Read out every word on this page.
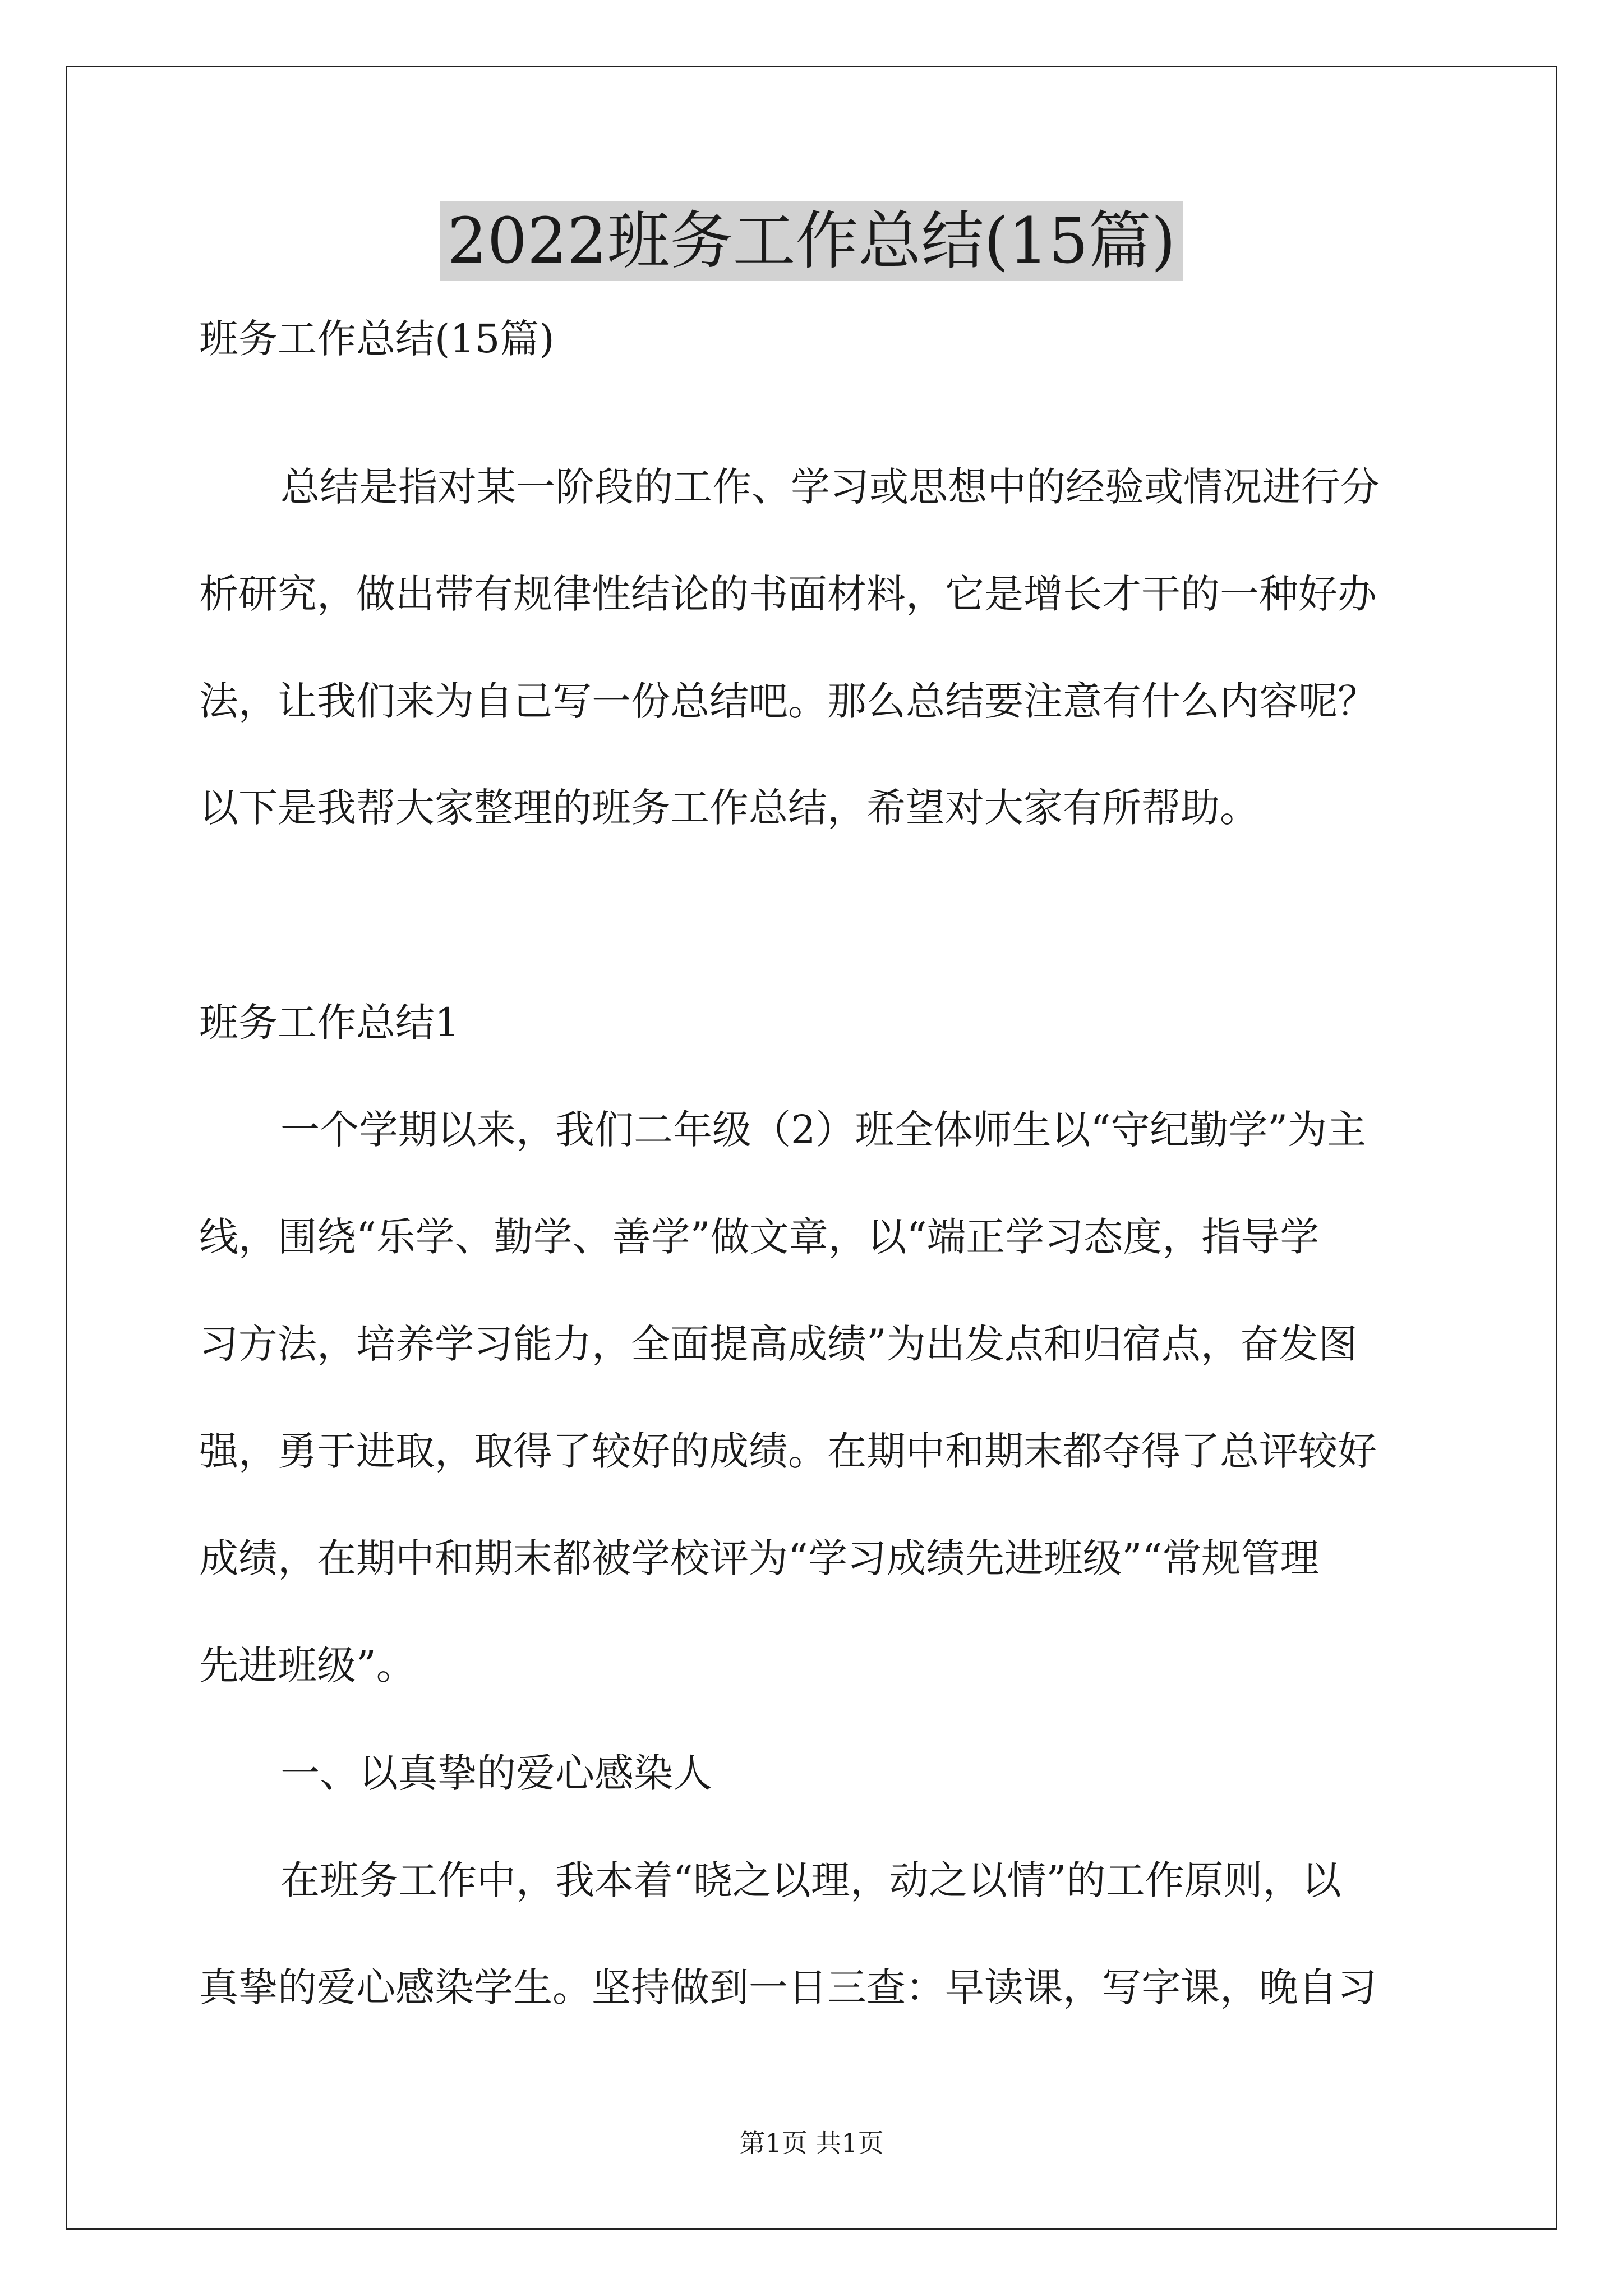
2022班务工作总结(15篇)
班务工作总结(15篇)
总结是指对某一阶段的工作、学习或思想中的经验或情况进行分
析研究，做出带有规律性结论的书面材料，它是增长才干的一种好办
法，让我们来为自己写一份总结吧。那么总结要注意有什么内容呢？
以下是我帮大家整理的班务工作总结，希望对大家有所帮助。
班务工作总结1
一个学期以来，我们二年级（2）班全体师生以“守纪勤学”为主
线，围绕“乐学、勤学、善学”做文章，以“端正学习态度，指导学
习方法，培养学习能力，全面提高成绩”为出发点和归宿点，奋发图
强，勇于进取，取得了较好的成绩。在期中和期末都夺得了总评较好
成绩，在期中和期末都被学校评为“学习成绩先进班级”“常规管理
先进班级”。
一、以真挚的爱心感染人
在班务工作中，我本着“晓之以理，动之以情”的工作原则，以
真挚的爱心感染学生。坚持做到一日三查：早读课，写字课，晚自习
第1页 共1页
